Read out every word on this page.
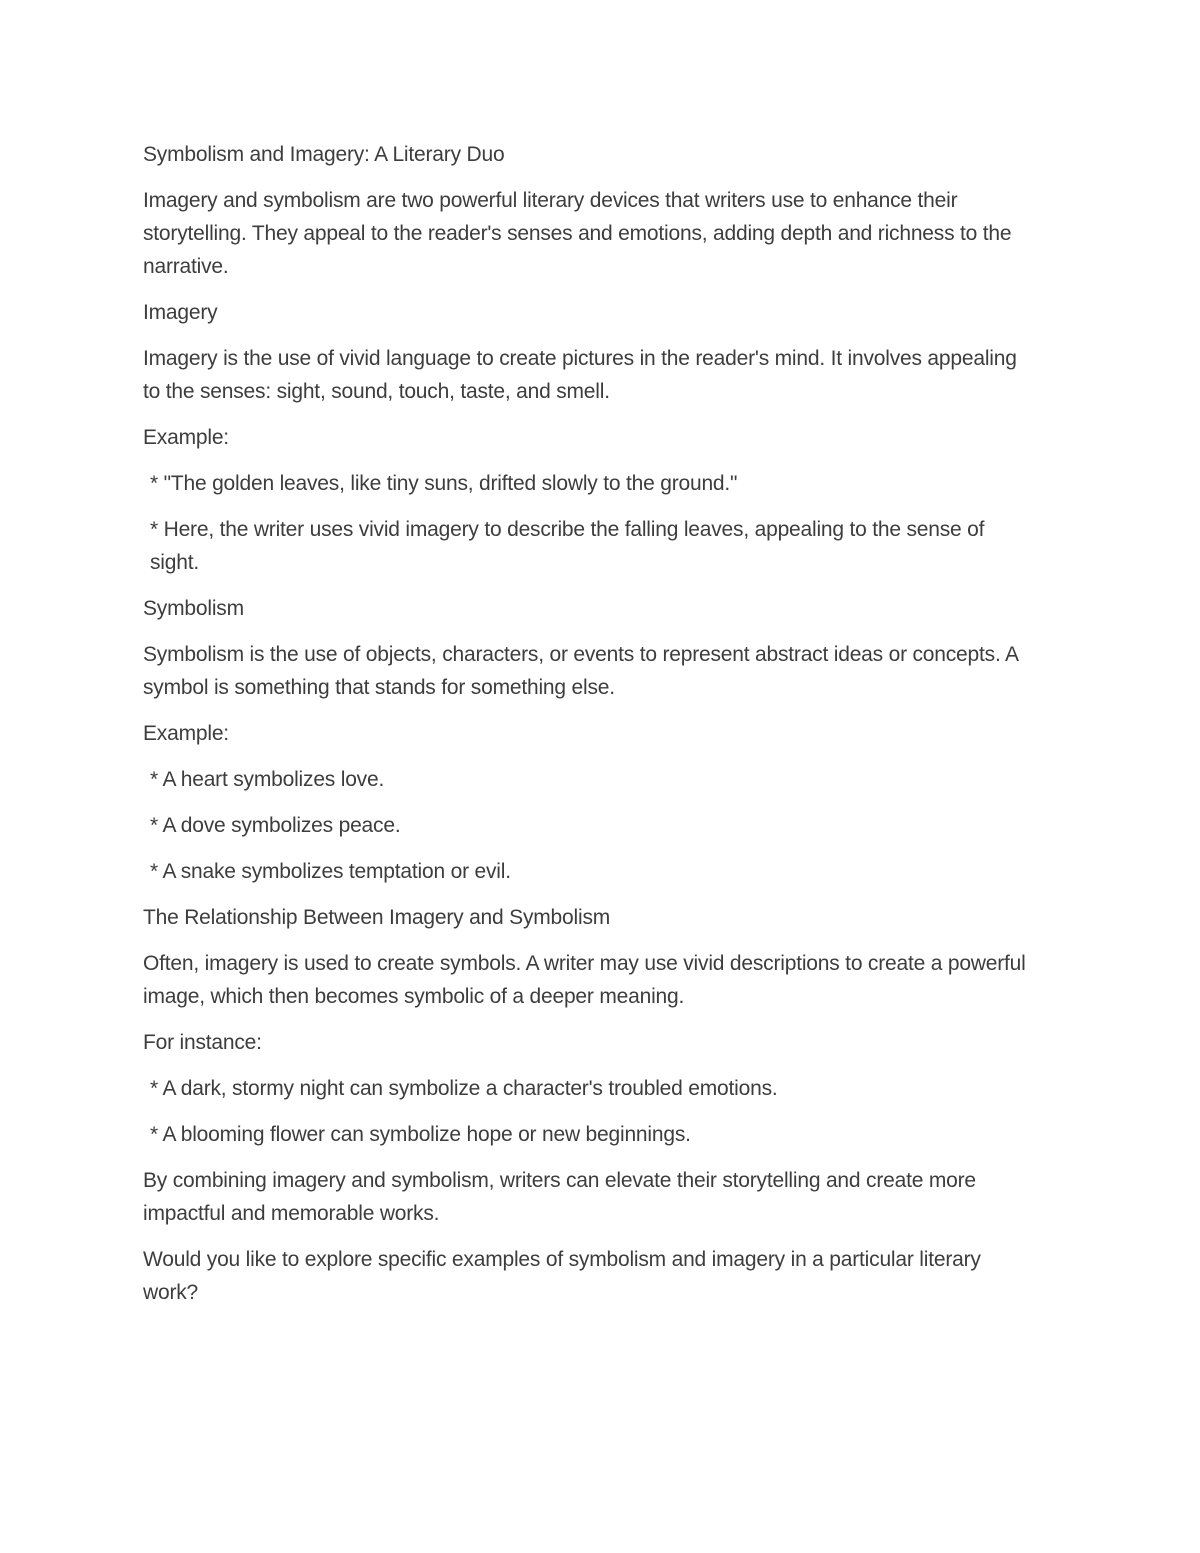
Symbolism and Imagery: A Literary Duo

Imagery and symbolism are two powerful literary devices that writers use to enhance their storytelling. They appeal to the reader's senses and emotions, adding depth and richness to the narrative.

Imagery

Imagery is the use of vivid language to create pictures in the reader's mind. It involves appealing to the senses: sight, sound, touch, taste, and smell.

Example:

* "The golden leaves, like tiny suns, drifted slowly to the ground."

* Here, the writer uses vivid imagery to describe the falling leaves, appealing to the sense of sight.

Symbolism

Symbolism is the use of objects, characters, or events to represent abstract ideas or concepts. A symbol is something that stands for something else.

Example:

* A heart symbolizes love.

* A dove symbolizes peace.

* A snake symbolizes temptation or evil.

The Relationship Between Imagery and Symbolism

Often, imagery is used to create symbols. A writer may use vivid descriptions to create a powerful image, which then becomes symbolic of a deeper meaning.

For instance:

* A dark, stormy night can symbolize a character's troubled emotions.

* A blooming flower can symbolize hope or new beginnings.

By combining imagery and symbolism, writers can elevate their storytelling and create more impactful and memorable works.

Would you like to explore specific examples of symbolism and imagery in a particular literary work?
